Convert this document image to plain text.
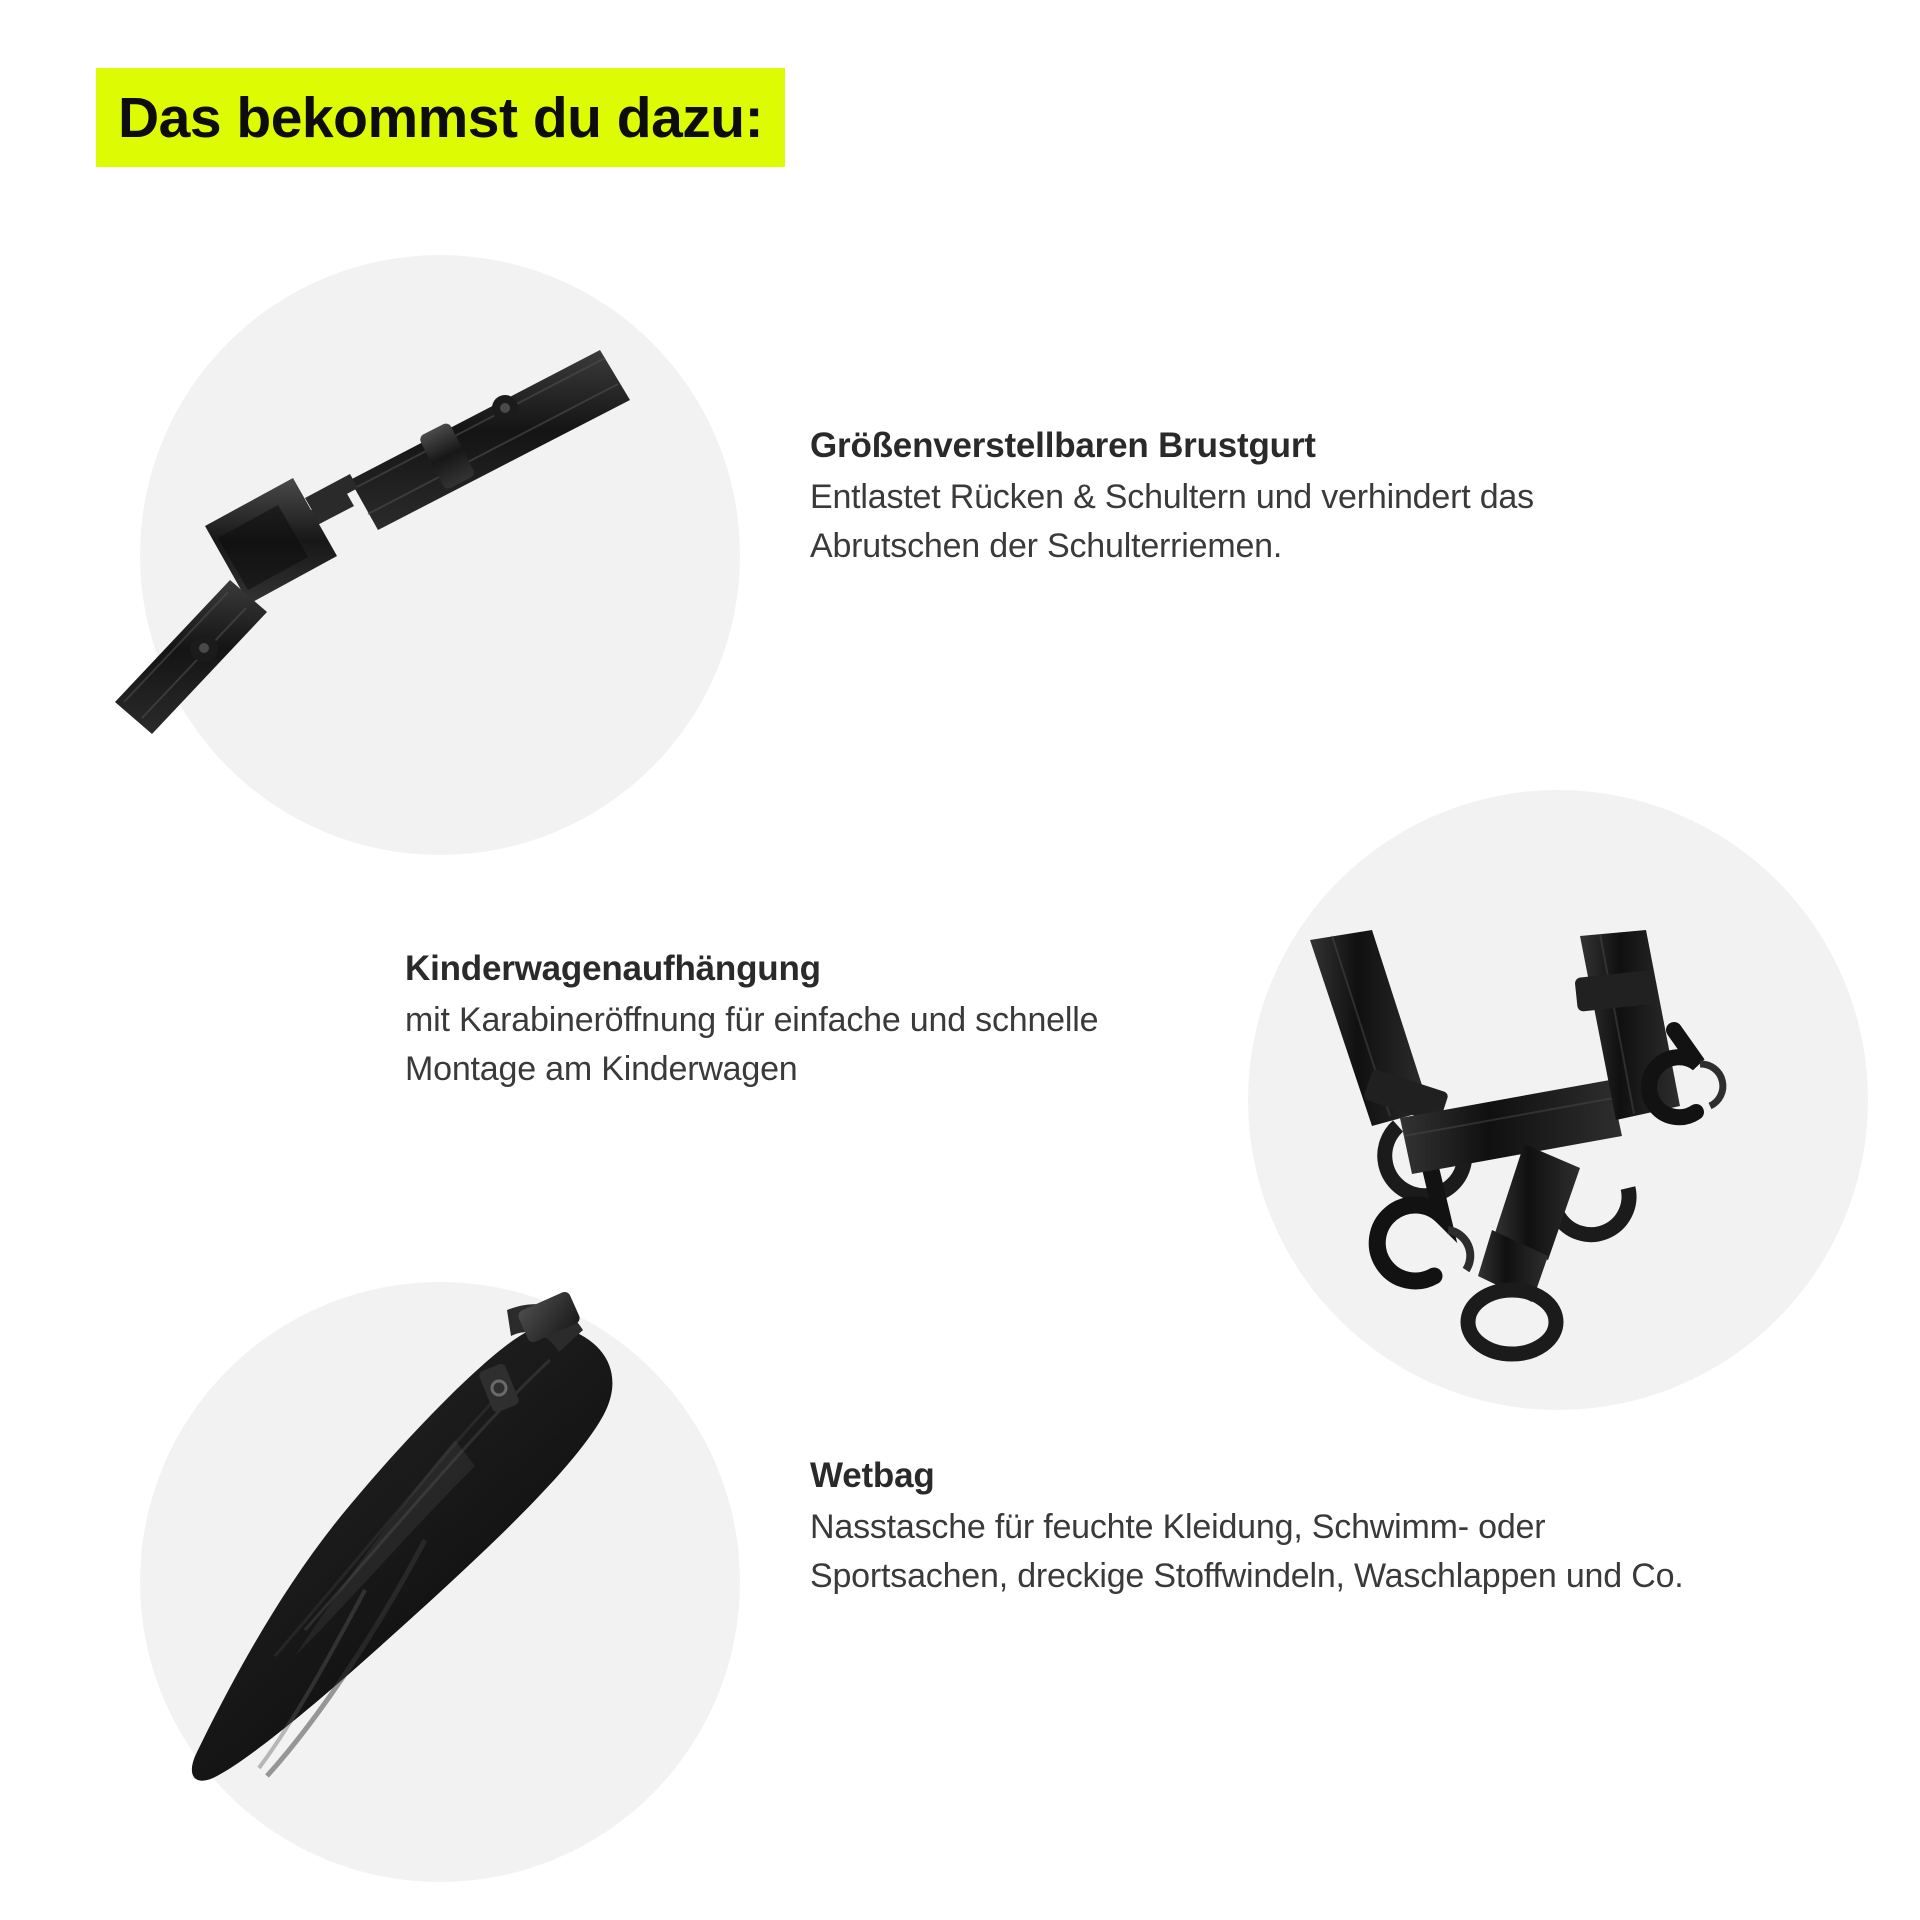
Das bekommst du dazu:

Größenverstellbaren Brustgurt

Entlastet Rücken & Schultern und verhindert das Abrutschen der Schulterriemen.

Kinderwagenaufhängung

mit Karabineröffnung für einfache und schnelle Montage am Kinderwagen

Wetbag

Nasstasche für feuchte Kleidung, Schwimm- oder Sportsachen, dreckige Stoffwindeln, Waschlappen und Co.
